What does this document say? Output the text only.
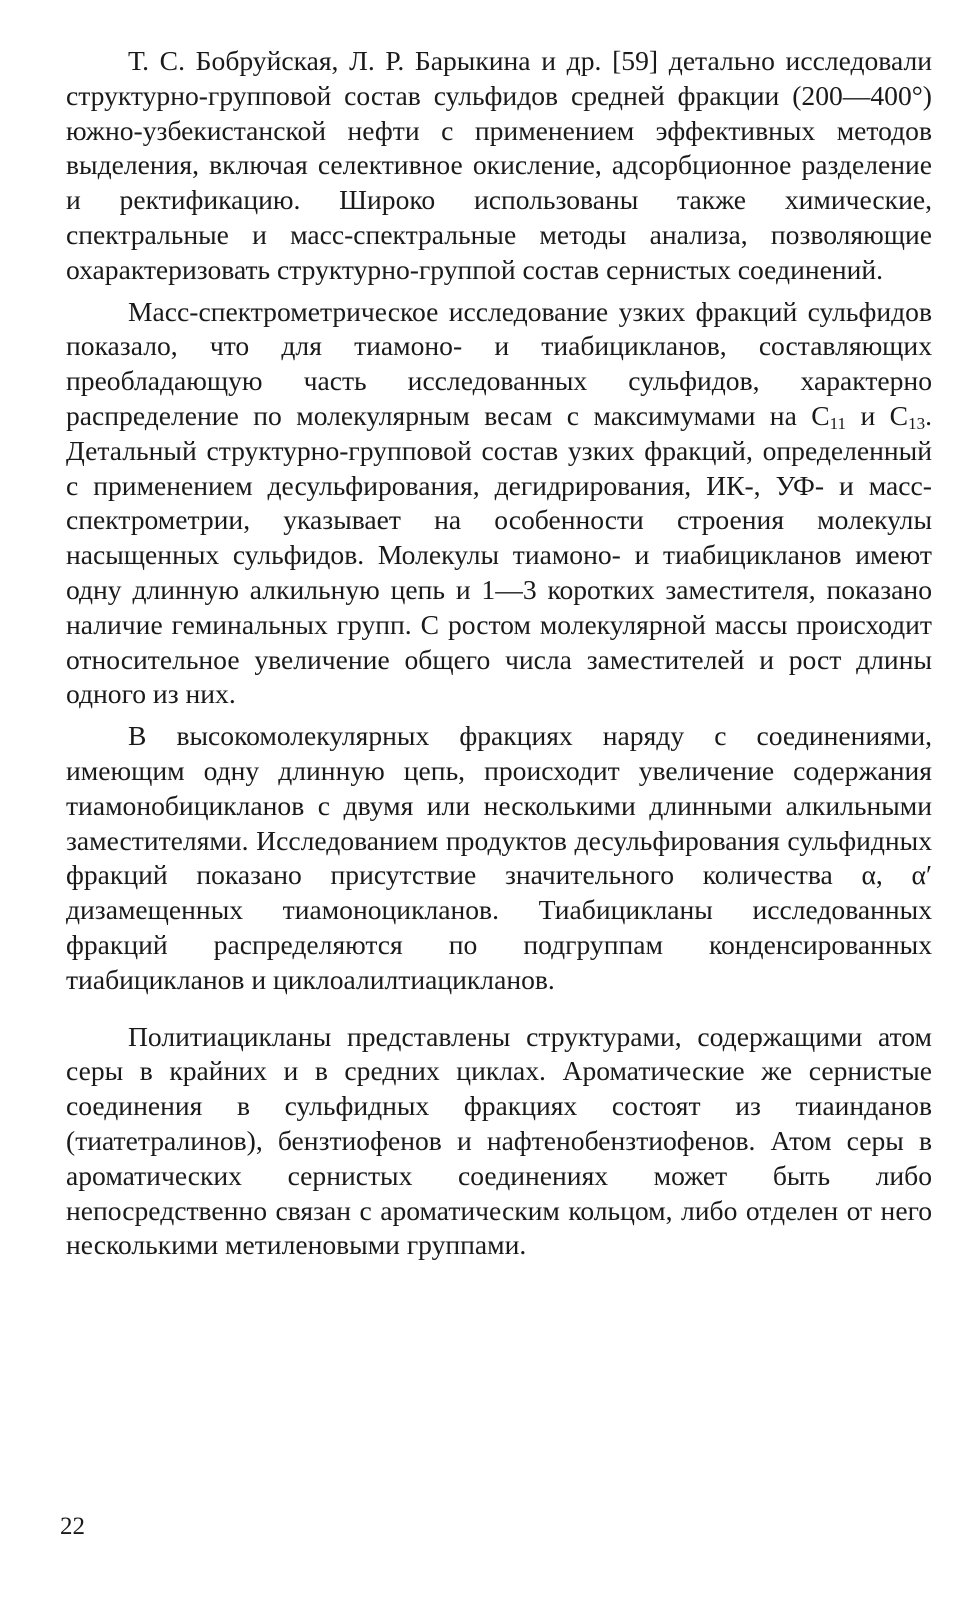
Т. С. Бобруйская, Л. Р. Барыкина и др. [59] детально исследовали структурно-групповой состав сульфидов средней фракции (200—400°) южно-узбекистанской нефти с применением эффективных методов выделения, включая селективное окисление, адсорбционное разделение и ректификацию. Широко использованы также химические, спектральные и масс-спектральные методы анализа, позволяющие охарактеризовать структурно-группой состав сернистых соединений.

Масс-спектрометрическое исследование узких фракций сульфидов показало, что для тиамоно- и тиабицикланов, составляющих преобладающую часть исследованных сульфидов, характерно распределение по молекулярным весам с максимумами на $C_{11}$ и $C_{13}$. Детальный структурно-групповой состав узких фракций, определенный с применением десульфирования, дегидрирования, ИК-, УФ- и масс-спектрометрии, указывает на особенности строения молекулы насыщенных сульфидов. Молекулы тиамоно- и тиабицикланов имеют одну длинную алкильную цепь и 1—3 коротких заместителя, показано наличие геминальных групп. С ростом молекулярной массы происходит относительное увеличение общего числа заместителей и рост длины одного из них.

В высокомолекулярных фракциях наряду с соединениями, имеющим одну длинную цепь, происходит увеличение содержания тиамонобицикланов с двумя или несколькими длинными алкильными заместителями. Исследованием продуктов десульфирования сульфидных фракций показано присутствие значительного количества α, α′ дизамещенных тиамоноцикланов. Тиабицикланы исследованных фракций распределяются по подгруппам конденсированных тиабицикланов и циклоалилтиацикланов.

Политиацикланы представлены структурами, содержащими атом серы в крайних и в средних циклах. Ароматические же сернистые соединения в сульфидных фракциях состоят из тиаинданов (тиатетралинов), бензтиофенов и нафтенобензтиофенов. Атом серы в ароматических сернистых соединениях может быть либо непосредственно связан с ароматическим кольцом, либо отделен от него несколькими метиленовыми группами.

22
